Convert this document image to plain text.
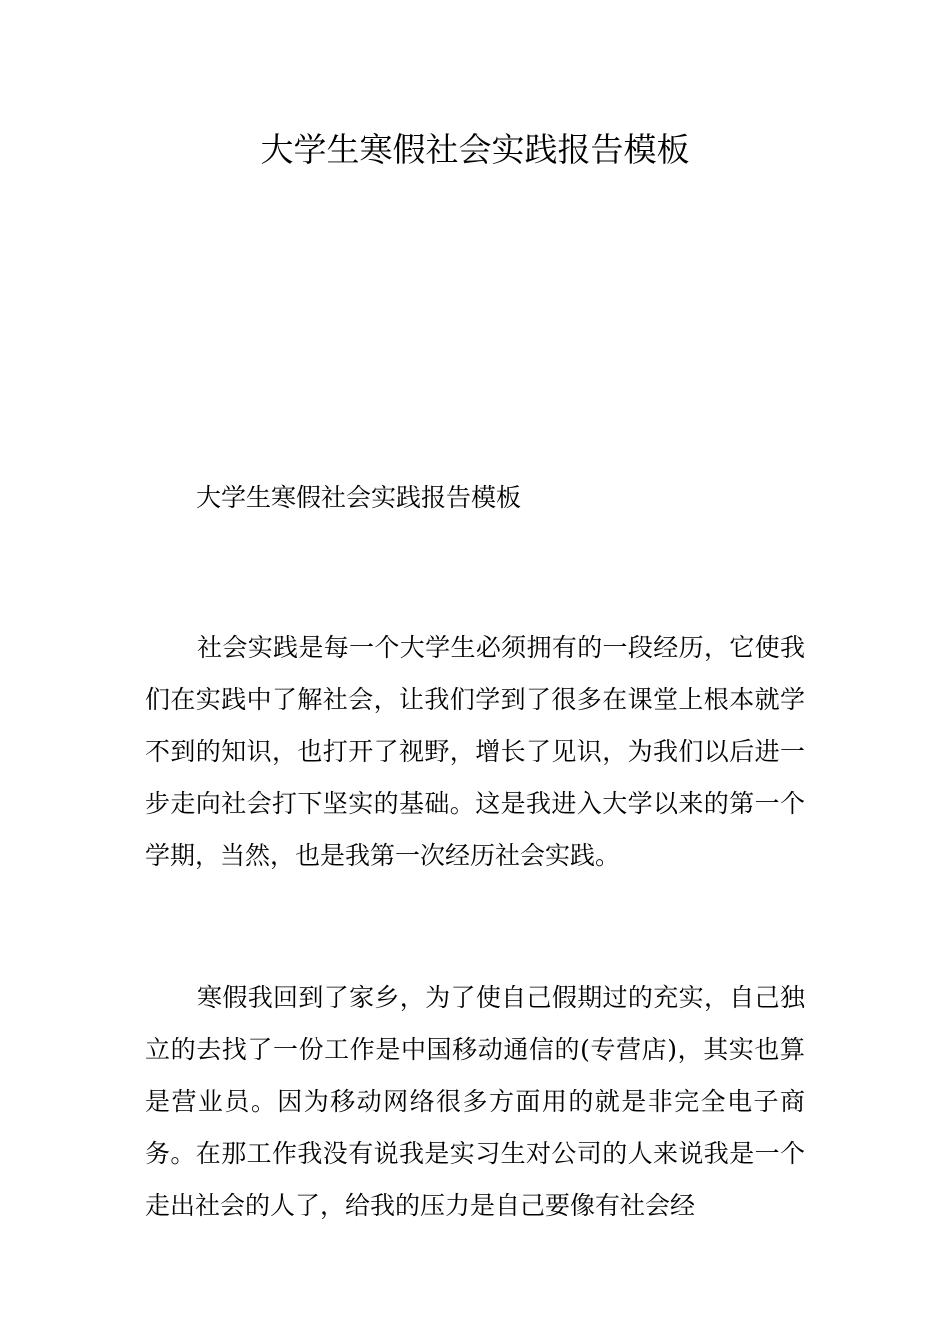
大学生寒假社会实践报告模板

大学生寒假社会实践报告模板

社会实践是每一个大学生必须拥有的一段经历，它使我们在实践中了解社会，让我们学到了很多在课堂上根本就学不到的知识，也打开了视野，增长了见识，为我们以后进一步走向社会打下坚实的基础。这是我进入大学以来的第一个学期，当然，也是我第一次经历社会实践。

寒假我回到了家乡，为了使自己假期过的充实，自己独立的去找了一份工作是中国移动通信的(专营店)，其实也算是营业员。因为移动网络很多方面用的就是非完全电子商务。在那工作我没有说我是实习生对公司的人来说我是一个走出社会的人了，给我的压力是自己要像有社会经
